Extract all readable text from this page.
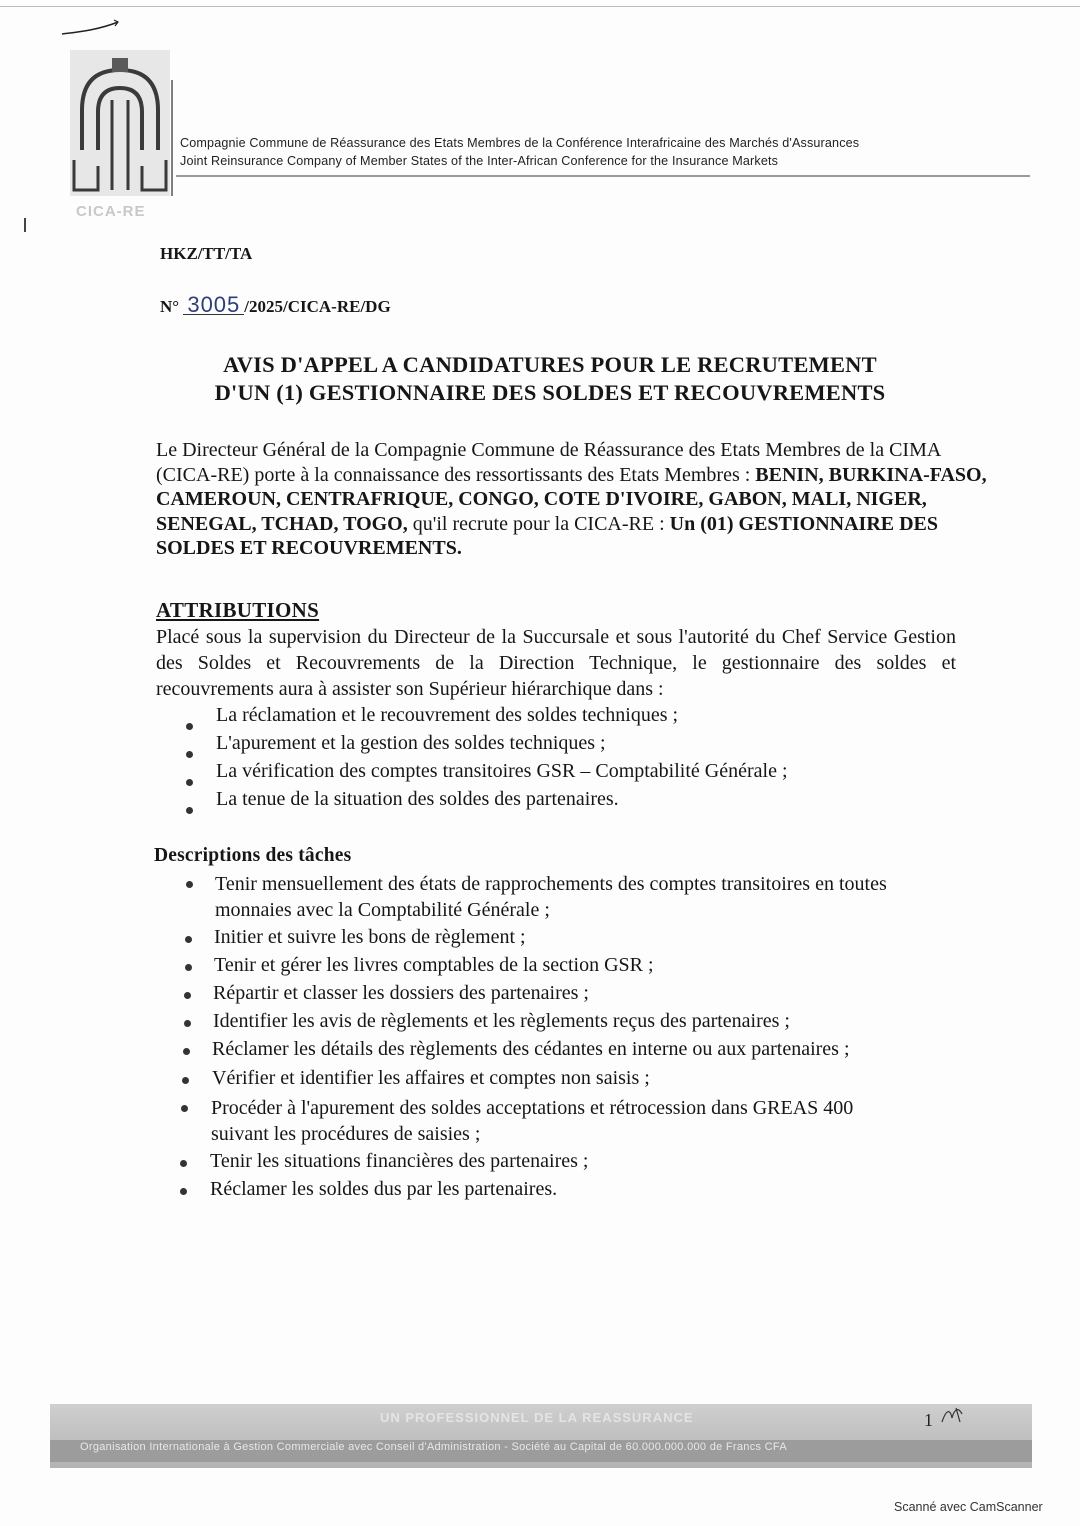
CICA-RE
Compagnie Commune de Réassurance des Etats Membres de la Conférence Interafricaine des Marchés d'Assurances
Joint Reinsurance Company of Member States of the Inter-African Conference for the Insurance Markets
HKZ/TT/TA
N° 3005 /2025/CICA-RE/DG
AVIS D'APPEL A CANDIDATURES POUR LE RECRUTEMENT
D'UN (1) GESTIONNAIRE DES SOLDES ET RECOUVREMENTS
Le Directeur Général de la Compagnie Commune de Réassurance des Etats Membres de la CIMA (CICA-RE) porte à la connaissance des ressortissants des Etats Membres : BENIN, BURKINA-FASO, CAMEROUN, CENTRAFRIQUE, CONGO, COTE D'IVOIRE, GABON, MALI, NIGER, SENEGAL, TCHAD, TOGO, qu'il recrute pour la CICA-RE : Un (01) GESTIONNAIRE DES SOLDES ET RECOUVREMENTS.
ATTRIBUTIONS
Placé sous la supervision du Directeur de la Succursale et sous l'autorité du Chef Service Gestion des Soldes et Recouvrements de la Direction Technique, le gestionnaire des soldes et recouvrements aura à assister son Supérieur hiérarchique dans :
La réclamation et le recouvrement des soldes techniques ;
L'apurement et la gestion des soldes techniques ;
La vérification des comptes transitoires GSR – Comptabilité Générale ;
La tenue de la situation des soldes des partenaires.
Descriptions des tâches
Tenir mensuellement des états de rapprochements des comptes transitoires en toutes monnaies avec la Comptabilité Générale ;
Initier et suivre les bons de règlement ;
Tenir et gérer les livres comptables de la section GSR ;
Répartir et classer les dossiers des partenaires ;
Identifier les avis de règlements et les règlements reçus des partenaires ;
Réclamer les détails des règlements des cédantes en interne ou aux partenaires ;
Vérifier et identifier les affaires et comptes non saisis ;
Procéder à l'apurement des soldes acceptations et rétrocession dans GREAS 400 suivant les procédures de saisies ;
Tenir les situations financières des partenaires ;
Réclamer les soldes dus par les partenaires.
UN PROFESSIONNEL DE LA REASSURANCE
Organisation Internationale à Gestion Commerciale avec Conseil d'Administration - Société au Capital de 60.000.000.000 de Francs CFA
1
Scanné avec CamScanner
